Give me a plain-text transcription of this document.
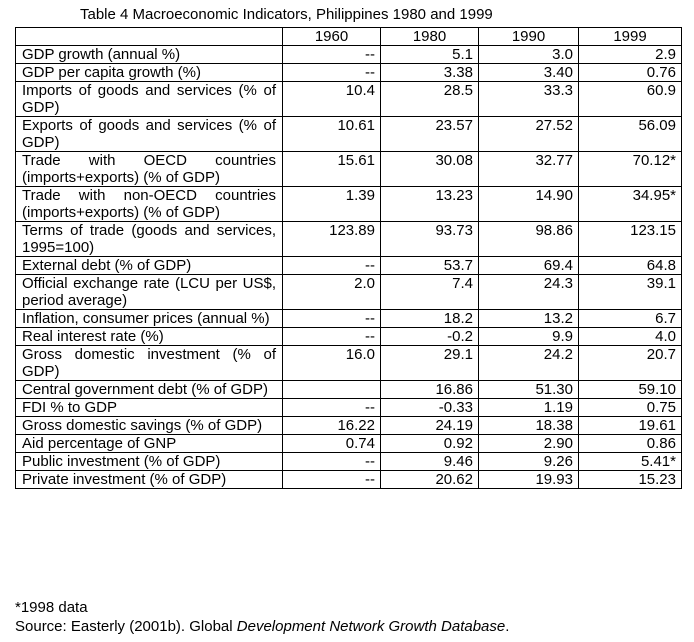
Table 4 Macroeconomic Indicators, Philippines 1980 and 1999
	1960	1980	1990	1999
GDP growth (annual %)	--	5.1	3.0	2.9
GDP per capita growth (%)	--	3.38	3.40	0.76
Imports of goods and services (% of GDP)	10.4	28.5	33.3	60.9
Exports of goods and services (% of GDP)	10.61	23.57	27.52	56.09
Trade with OECD countries (imports+exports) (% of GDP)	15.61	30.08	32.77	70.12*
Trade with non-OECD countries (imports+exports) (% of GDP)	1.39	13.23	14.90	34.95*
Terms of trade (goods and services, 1995=100)	123.89	93.73	98.86	123.15
External debt (% of GDP)	--	53.7	69.4	64.8
Official exchange rate (LCU per US$, period average)	2.0	7.4	24.3	39.1
Inflation, consumer prices (annual %)	--	18.2	13.2	6.7
Real interest rate (%)	--	-0.2	9.9	4.0
Gross domestic investment (% of GDP)	16.0	29.1	24.2	20.7
Central government debt (% of GDP)		16.86	51.30	59.10
FDI % to GDP	--	-0.33	1.19	0.75
Gross domestic savings (% of GDP)	16.22	24.19	18.38	19.61
Aid percentage of GNP	0.74	0.92	2.90	0.86
Public investment (% of GDP)	--	9.46	9.26	5.41*
Private investment (% of GDP)	--	20.62	19.93	15.23
*1998 data
Source: Easterly (2001b). Global Development Network Growth Database.
